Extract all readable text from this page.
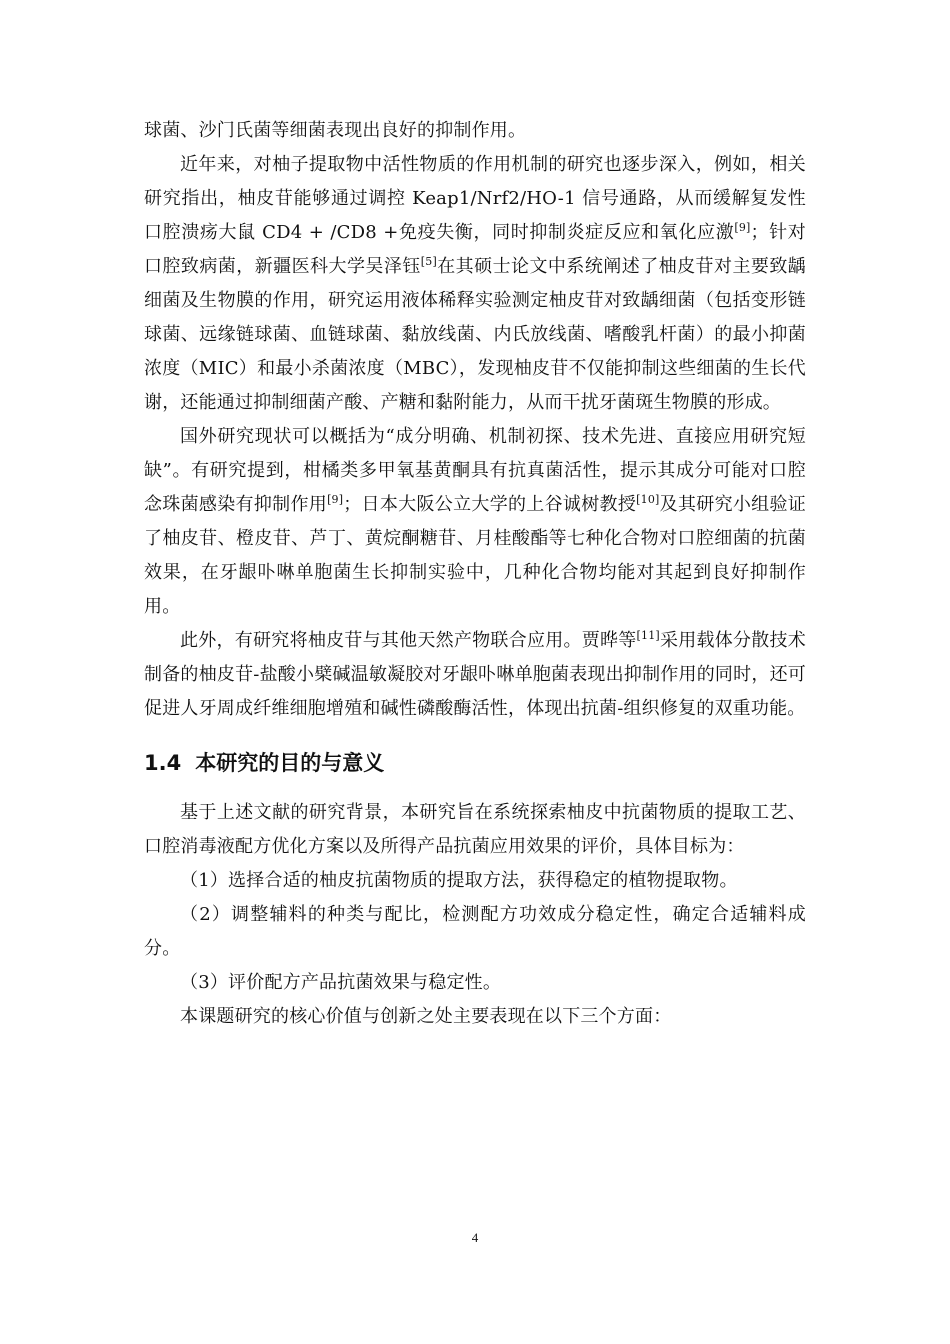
球菌、沙门氏菌等细菌表现出良好的抑制作用。

近年来，对柚子提取物中活性物质的作用机制的研究也逐步深入，例如，相关研究指出，柚皮苷能够通过调控 Keap1/Nrf2/HO-1 信号通路，从而缓解复发性口腔溃疡大鼠 CD4 + /CD8 +免疫失衡，同时抑制炎症反应和氧化应激[9]；针对口腔致病菌，新疆医科大学吴泽钰[5]在其硕士论文中系统阐述了柚皮苷对主要致龋细菌及生物膜的作用，研究运用液体稀释实验测定柚皮苷对致龋细菌（包括变形链球菌、远缘链球菌、血链球菌、黏放线菌、内氏放线菌、嗜酸乳杆菌）的最小抑菌浓度（MIC）和最小杀菌浓度（MBC），发现柚皮苷不仅能抑制这些细菌的生长代谢，还能通过抑制细菌产酸、产糖和黏附能力，从而干扰牙菌斑生物膜的形成。

国外研究现状可以概括为“成分明确、机制初探、技术先进、直接应用研究短缺”。有研究提到，柑橘类多甲氧基黄酮具有抗真菌活性，提示其成分可能对口腔念珠菌感染有抑制作用[9]；日本大阪公立大学的上谷诚树教授[10]及其研究小组验证了柚皮苷、橙皮苷、芦丁、黄烷酮糖苷、月桂酸酯等七种化合物对口腔细菌的抗菌效果，在牙龈卟啉单胞菌生长抑制实验中，几种化合物均能对其起到良好抑制作用。

此外，有研究将柚皮苷与其他天然产物联合应用。贾晔等[11]采用载体分散技术制备的柚皮苷-盐酸小檗碱温敏凝胶对牙龈卟啉单胞菌表现出抑制作用的同时，还可促进人牙周成纤维细胞增殖和碱性磷酸酶活性，体现出抗菌-组织修复的双重功能。

1.4 本研究的目的与意义

基于上述文献的研究背景，本研究旨在系统探索柚皮中抗菌物质的提取工艺、口腔消毒液配方优化方案以及所得产品抗菌应用效果的评价，具体目标为：

（1）选择合适的柚皮抗菌物质的提取方法，获得稳定的植物提取物。

（2）调整辅料的种类与配比，检测配方功效成分稳定性，确定合适辅料成分。

（3）评价配方产品抗菌效果与稳定性。

本课题研究的核心价值与创新之处主要表现在以下三个方面：

4
